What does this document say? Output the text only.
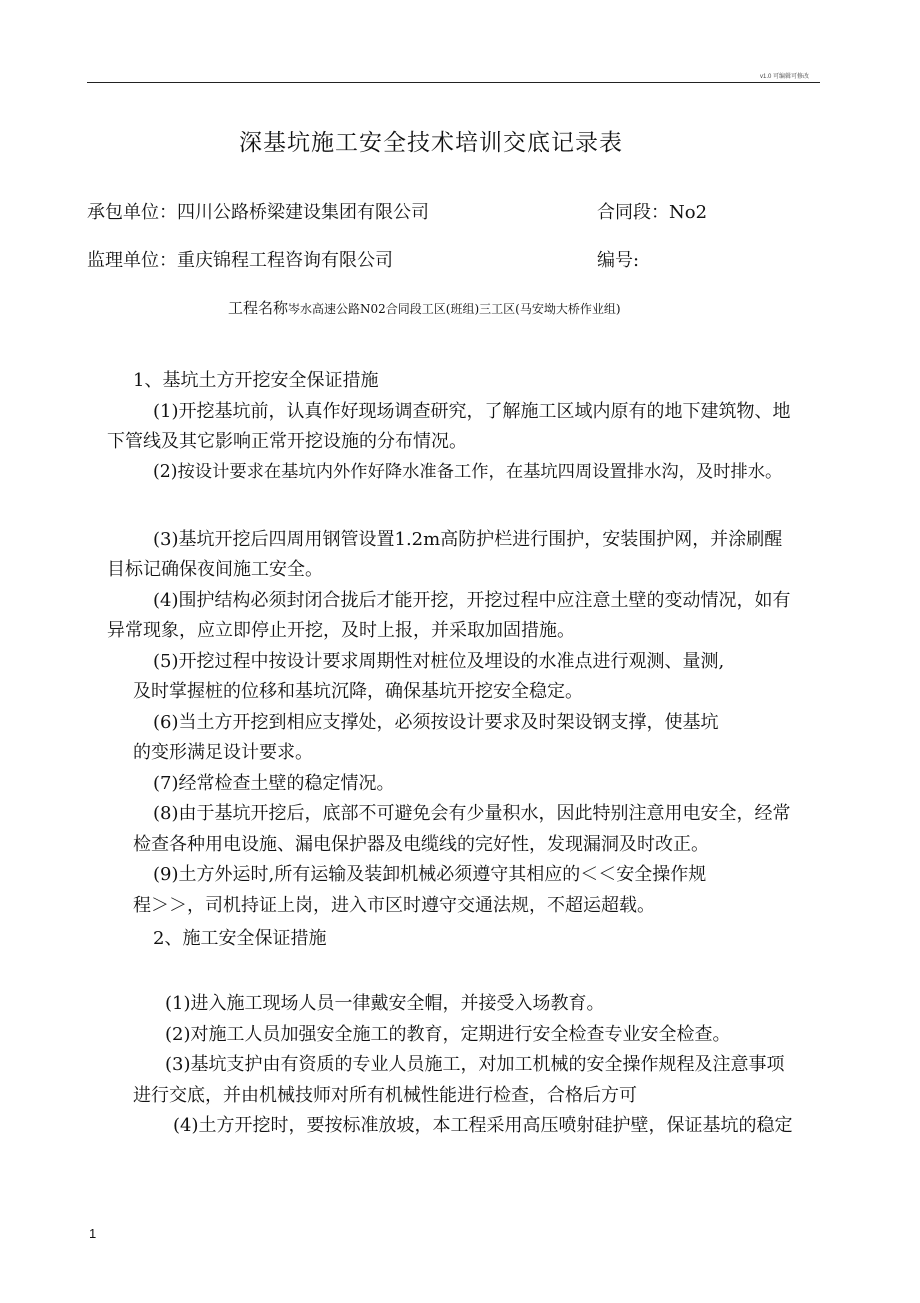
v1.0 可编辑可修改
深基坑施工安全技术培训交底记录表
承包单位：四川公路桥梁建设集团有限公司	合同段：No2
监理单位：重庆锦程工程咨询有限公司	编号:
工程名称岑水高速公路N02合同段工区(班组)三工区(马安坳大桥作业组)
1、基坑土方开挖安全保证措施
(1)开挖基坑前，认真作好现场调查研究，了解施工区域内原有的地下建筑物、地
下管线及其它影响正常开挖设施的分布情况。
(2)按设计要求在基坑内外作好降水准备工作，在基坑四周设置排水沟，及时排水。
(3)基坑开挖后四周用钢管设置1.2m高防护栏进行围护，安装围护网，并涂刷醒
目标记确保夜间施工安全。
(4)围护结构必须封闭合拢后才能开挖，开挖过程中应注意土壁的变动情况，如有
异常现象，应立即停止开挖，及时上报，并采取加固措施。
(5)开挖过程中按设计要求周期性对桩位及埋设的水准点进行观测、量测,
及时掌握桩的位移和基坑沉降，确保基坑开挖安全稳定。
(6)当土方开挖到相应支撑处，必须按设计要求及时架设钢支撑，使基坑
的变形满足设计要求。
(7)经常检查土壁的稳定情况。
(8)由于基坑开挖后，底部不可避免会有少量积水，因此特别注意用电安全，经常
检查各种用电设施、漏电保护器及电缆线的完好性，发现漏洞及时改正。
(9)土方外运时,所有运输及装卸机械必须遵守其相应的＜＜安全操作规
程＞＞，司机持证上岗，进入市区时遵守交通法规，不超运超载。
2、施工安全保证措施
(1)进入施工现场人员一律戴安全帽，并接受入场教育。
(2)对施工人员加强安全施工的教育，定期进行安全检查专业安全检查。
(3)基坑支护由有资质的专业人员施工，对加工机械的安全操作规程及注意事项
进行交底，并由机械技师对所有机械性能进行检查，合格后方可
(4)土方开挖时，要按标准放坡，本工程采用高压喷射硅护壁，保证基坑的稳定
1
